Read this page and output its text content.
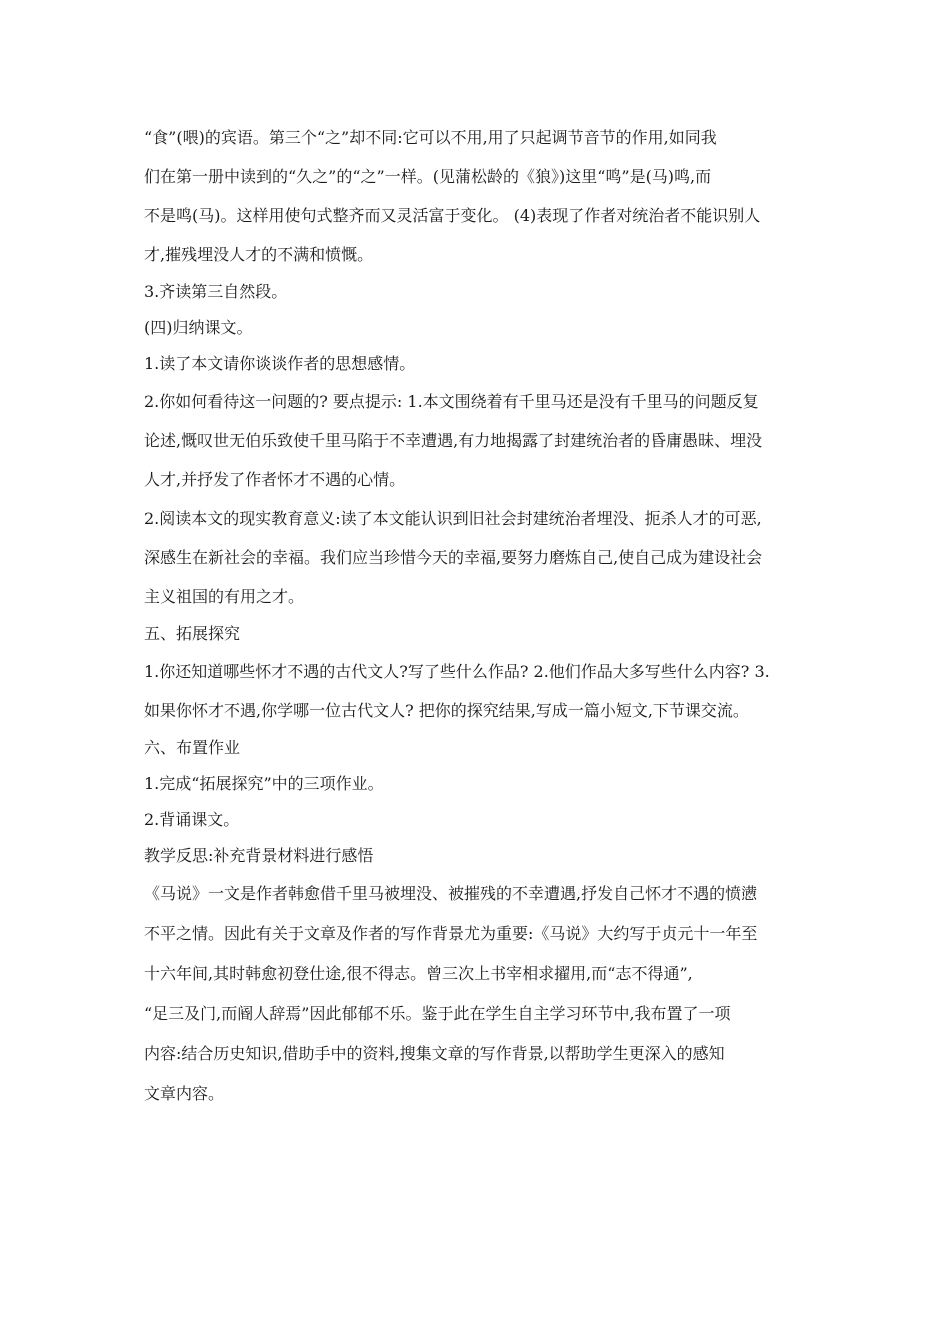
“食”(喂)的宾语。第三个“之”却不同:它可以不用,用了只起调节音节的作用,如同我
们在第一册中读到的“久之”的“之”一样。(见蒲松龄的《狼》)这里“鸣”是(马)鸣,而
不是鸣(马)。这样用使句式整齐而又灵活富于变化。 (4)表现了作者对统治者不能识别人
才,摧残埋没人才的不满和愤慨。
3.齐读第三自然段。
(四)归纳课文。
1.读了本文请你谈谈作者的思想感情。
2.你如何看待这一问题的? 要点提示: 1.本文围绕着有千里马还是没有千里马的问题反复
论述,慨叹世无伯乐致使千里马陷于不幸遭遇,有力地揭露了封建统治者的昏庸愚昧、埋没
人才,并抒发了作者怀才不遇的心情。
2.阅读本文的现实教育意义:读了本文能认识到旧社会封建统治者埋没、扼杀人才的可恶,
深感生在新社会的幸福。我们应当珍惜今天的幸福,要努力磨炼自己,使自己成为建设社会
主义祖国的有用之才。
五、拓展探究
1.你还知道哪些怀才不遇的古代文人?写了些什么作品? 2.他们作品大多写些什么内容? 3.
如果你怀才不遇,你学哪一位古代文人? 把你的探究结果,写成一篇小短文,下节课交流。
六、布置作业
1.完成“拓展探究”中的三项作业。
2.背诵课文。
教学反思:补充背景材料进行感悟
《马说》一文是作者韩愈借千里马被埋没、被摧残的不幸遭遇,抒发自己怀才不遇的愤懑
不平之情。因此有关于文章及作者的写作背景尤为重要:《马说》大约写于贞元十一年至
十六年间,其时韩愈初登仕途,很不得志。曾三次上书宰相求擢用,而“志不得通”,
“足三及门,而阍人辞焉”因此郁郁不乐。鉴于此在学生自主学习环节中,我布置了一项
内容:结合历史知识,借助手中的资料,搜集文章的写作背景,以帮助学生更深入的感知
文章内容。
